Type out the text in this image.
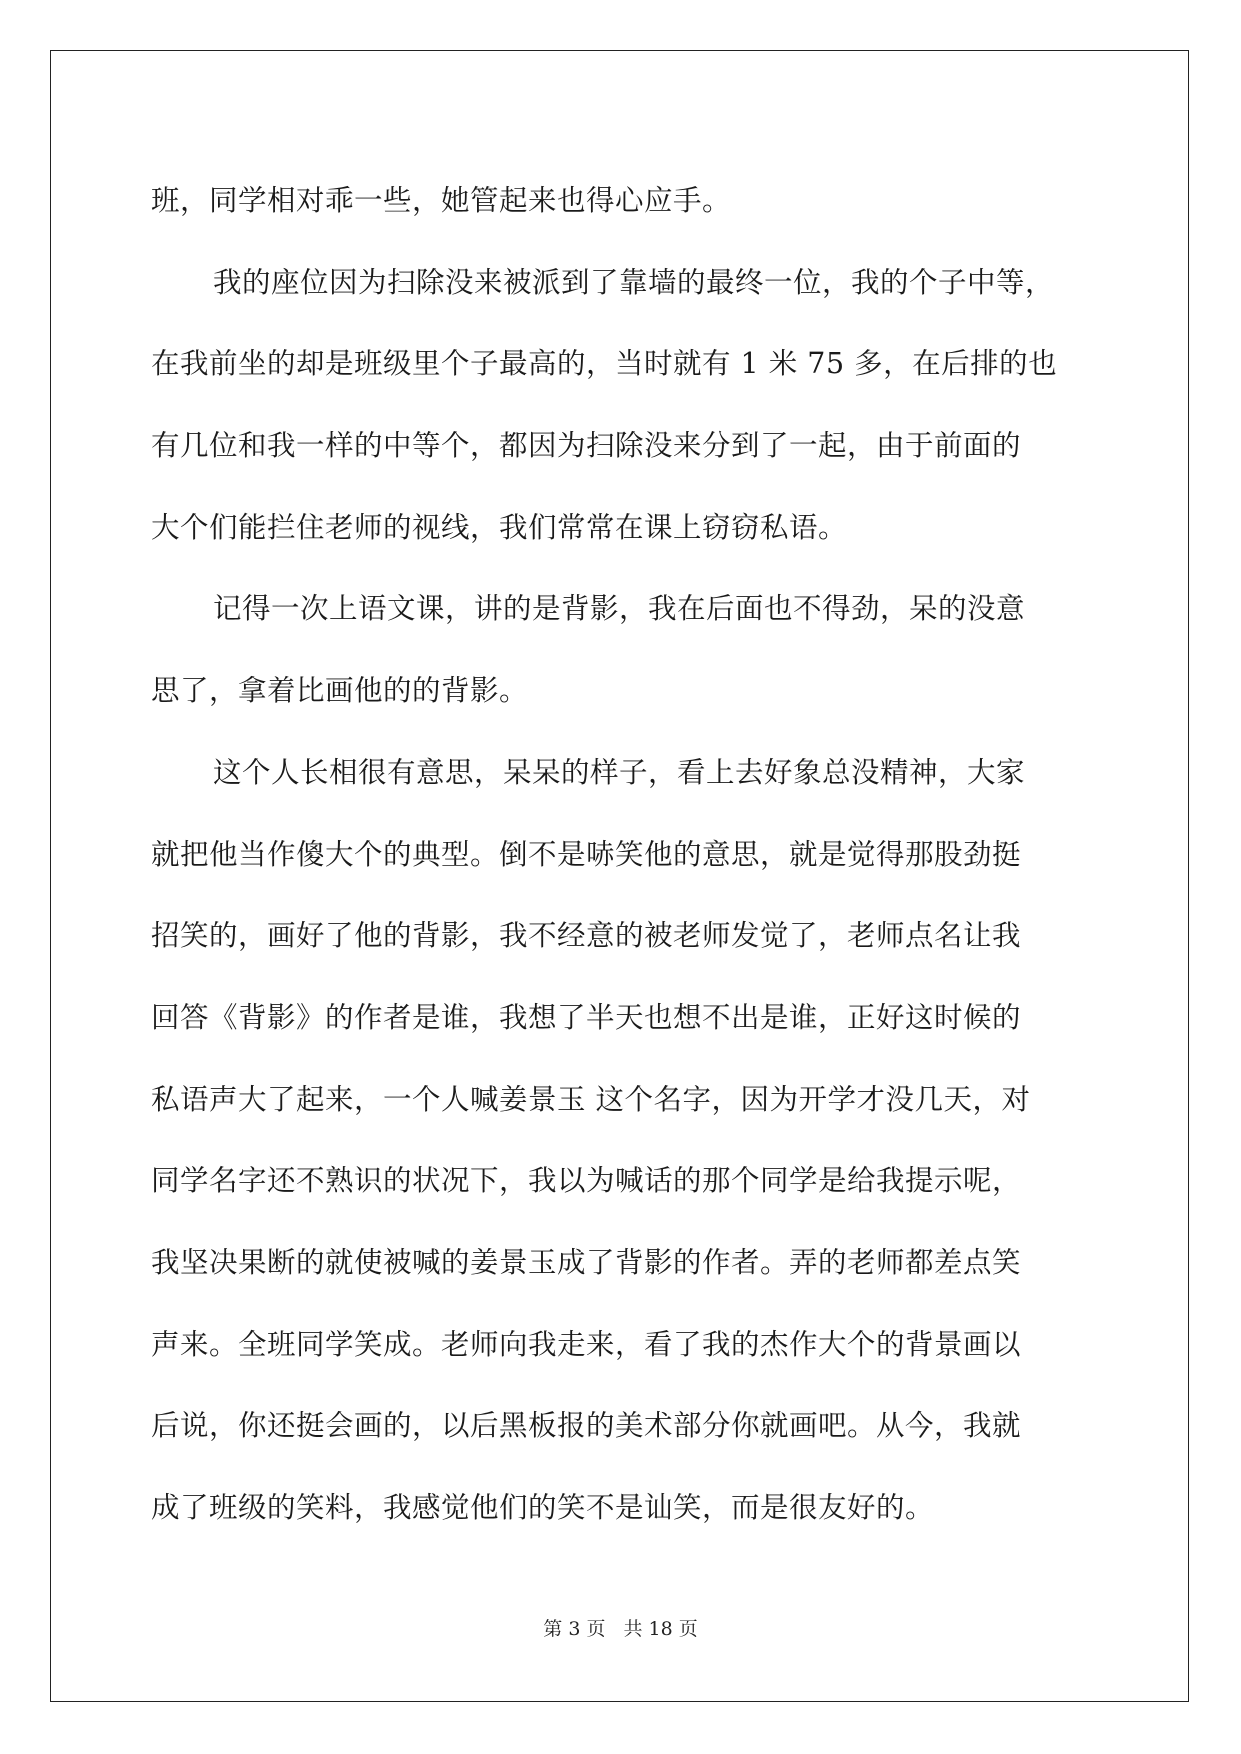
班，同学相对乖一些，她管起来也得心应手。
我的座位因为扫除没来被派到了靠墙的最终一位，我的个子中等，
在我前坐的却是班级里个子最高的，当时就有 1 米 75 多，在后排的也
有几位和我一样的中等个，都因为扫除没来分到了一起，由于前面的
大个们能拦住老师的视线，我们常常在课上窃窃私语。
记得一次上语文课，讲的是背影，我在后面也不得劲，呆的没意
思了，拿着比画他的的背影。
这个人长相很有意思，呆呆的样子，看上去好象总没精神，大家
就把他当作傻大个的典型。倒不是哧笑他的意思，就是觉得那股劲挺
招笑的，画好了他的背影，我不经意的被老师发觉了，老师点名让我
回答《背影》的作者是谁，我想了半天也想不出是谁，正好这时候的
私语声大了起来，一个人喊姜景玉 这个名字，因为开学才没几天，对
同学名字还不熟识的状况下，我以为喊话的那个同学是给我提示呢，
我坚决果断的就使被喊的姜景玉成了背影的作者。弄的老师都差点笑
声来。全班同学笑成。老师向我走来，看了我的杰作大个的背景画以
后说，你还挺会画的，以后黑板报的美术部分你就画吧。从今，我就
成了班级的笑料，我感觉他们的笑不是讪笑，而是很友好的。
第 3 页 共 18 页
